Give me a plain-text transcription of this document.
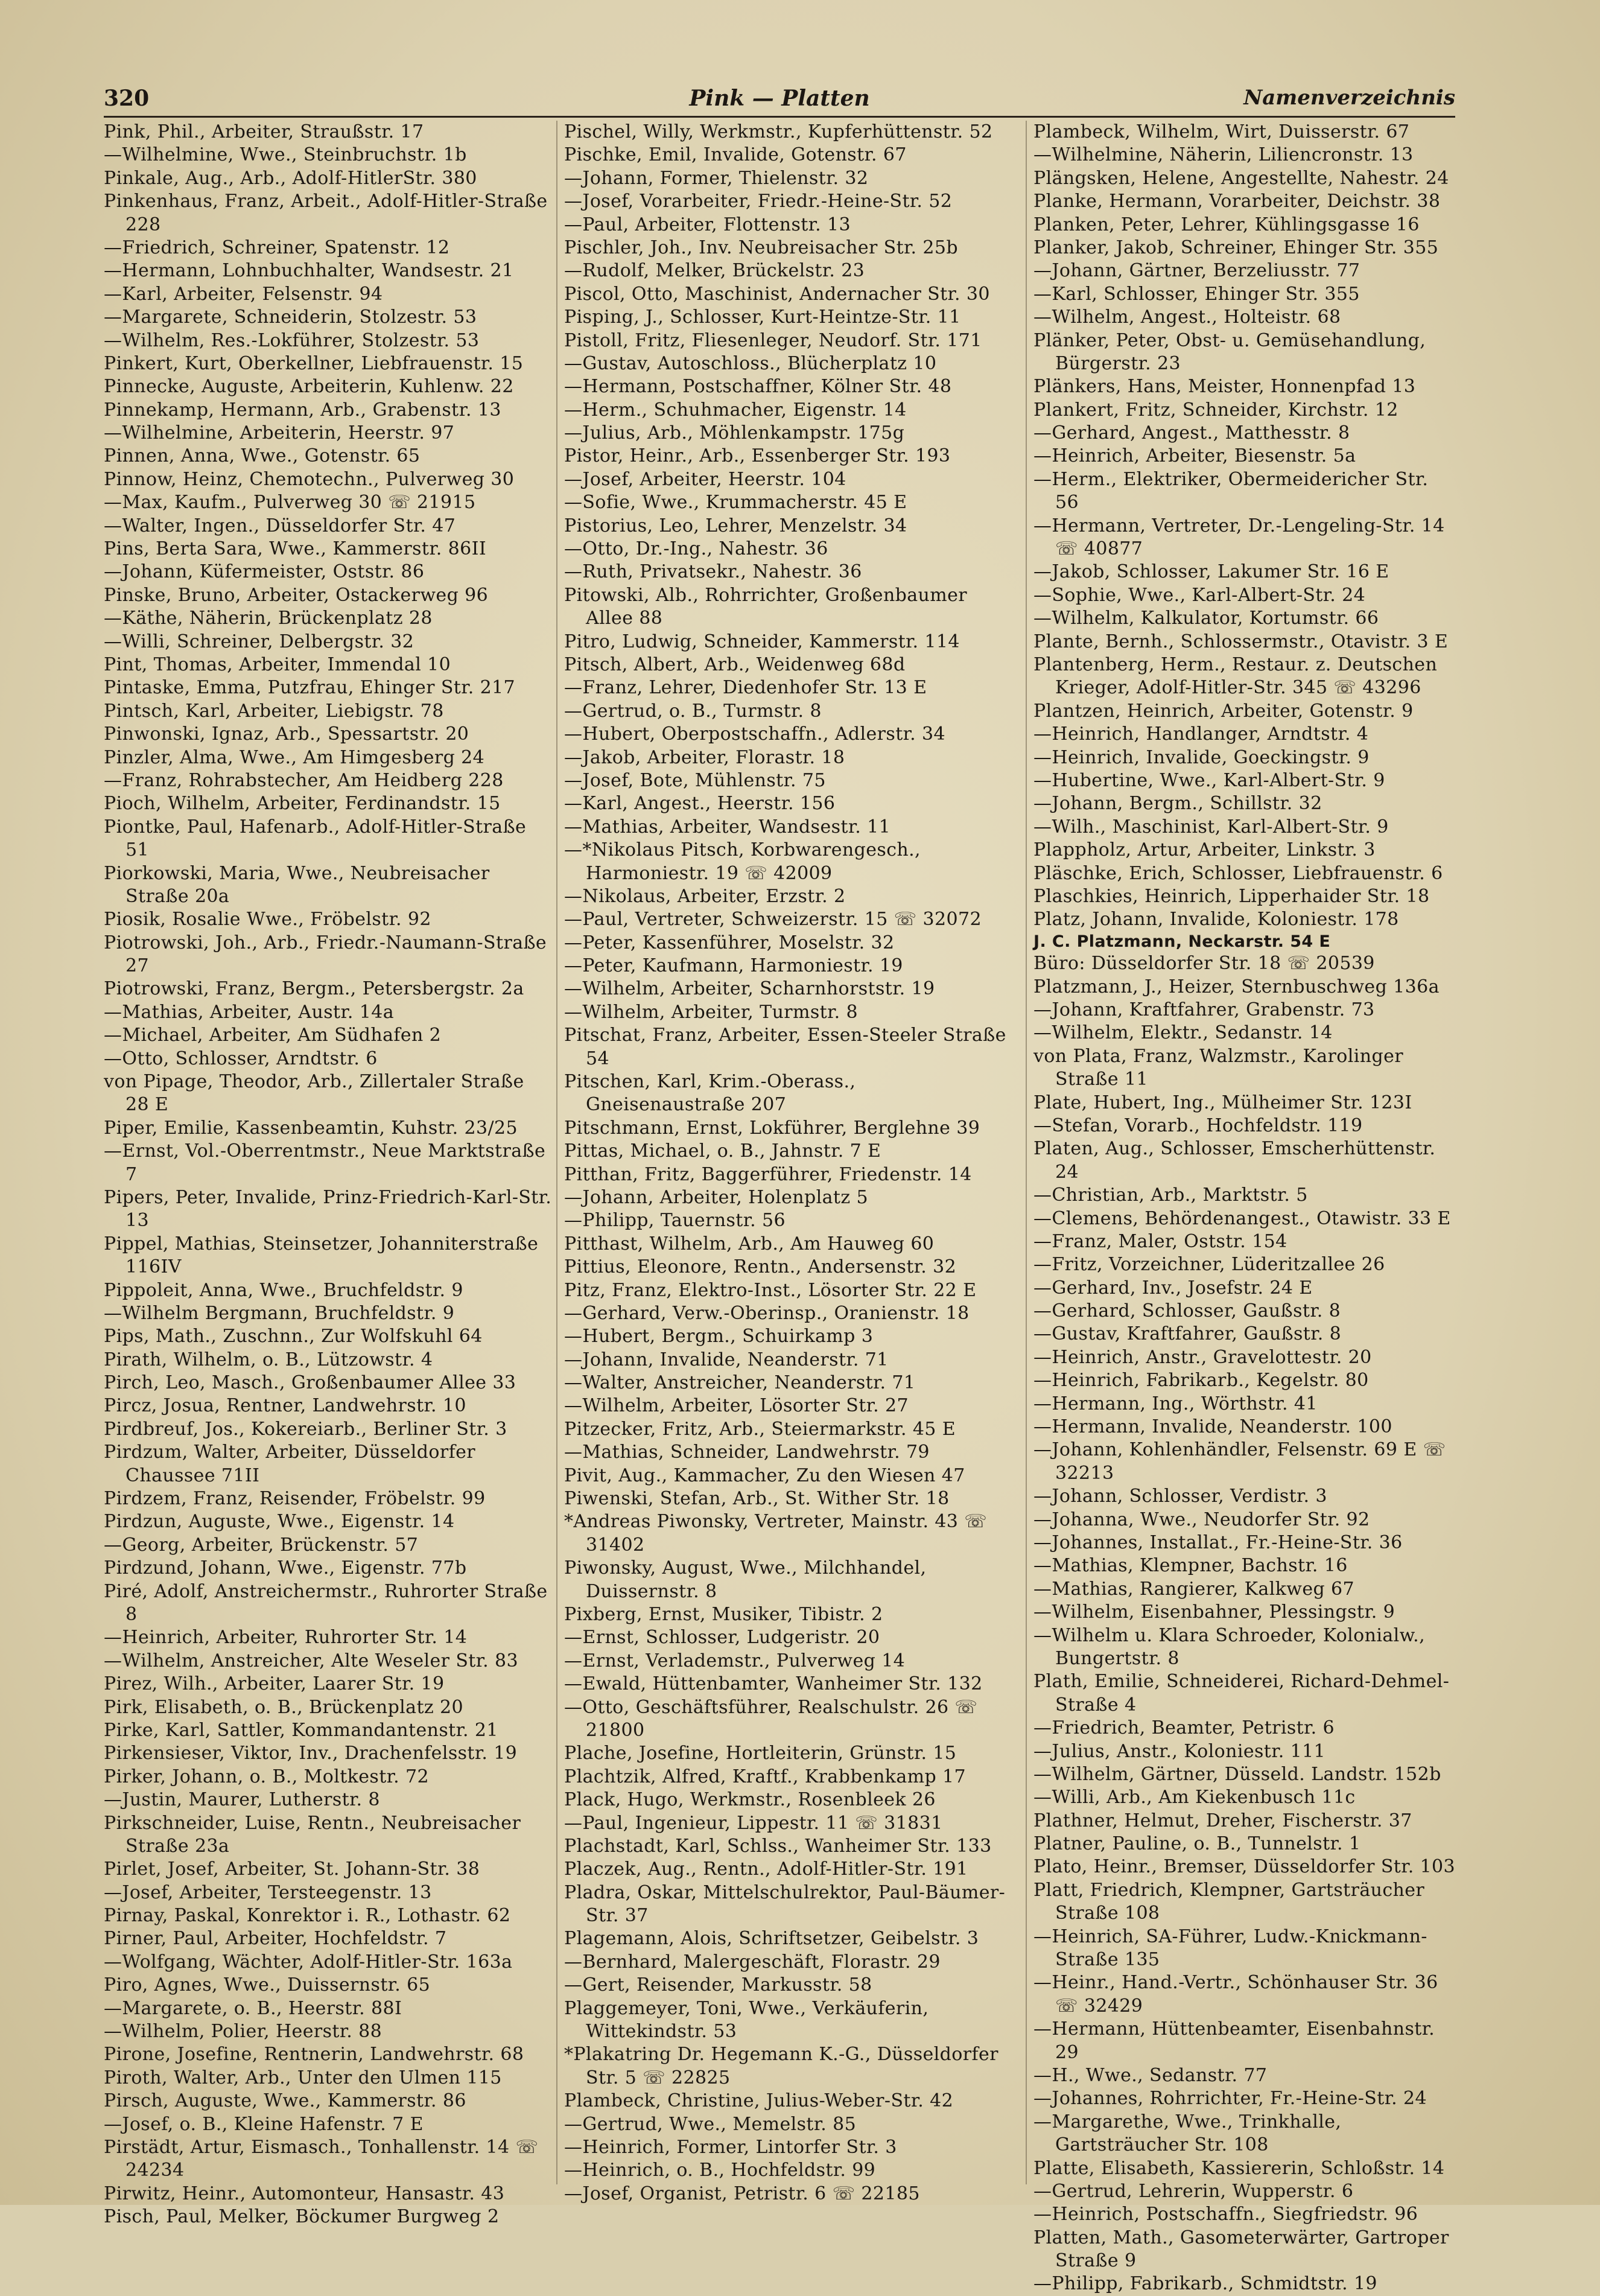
320	Pink — Platten	Namenverzeichnis
Pink, Phil., Arbeiter, Straußstr. 17
—Wilhelmine, Wwe., Steinbruchstr. 1b
Pinkale, Aug., Arb., Adolf-HitlerStr. 380
Pinkenhaus, Franz, Arbeit., Adolf-Hitler-Straße 228
—Friedrich, Schreiner, Spatenstr. 12
—Hermann, Lohnbuchhalter, Wandsestr. 21
—Karl, Arbeiter, Felsenstr. 94
—Margarete, Schneiderin, Stolzestr. 53
—Wilhelm, Res.-Lokführer, Stolzestr. 53
Pinkert, Kurt, Oberkellner, Liebfrauenstr. 15
Pinnecke, Auguste, Arbeiterin, Kuhlenw. 22
Pinnekamp, Hermann, Arb., Grabenstr. 13
—Wilhelmine, Arbeiterin, Heerstr. 97
Pinnen, Anna, Wwe., Gotenstr. 65
Pinnow, Heinz, Chemotechn., Pulverweg 30
—Max, Kaufm., Pulverweg 30 ☏ 21915
—Walter, Ingen., Düsseldorfer Str. 47
Pins, Berta Sara, Wwe., Kammerstr. 86II
—Johann, Küfermeister, Oststr. 86
Pinske, Bruno, Arbeiter, Ostackerweg 96
—Käthe, Näherin, Brückenplatz 28
—Willi, Schreiner, Delbergstr. 32
Pint, Thomas, Arbeiter, Immendal 10
Pintaske, Emma, Putzfrau, Ehinger Str. 217
Pintsch, Karl, Arbeiter, Liebigstr. 78
Pinwonski, Ignaz, Arb., Spessartstr. 20
Pinzler, Alma, Wwe., Am Himgesberg 24
—Franz, Rohrabstecher, Am Heidberg 228
Pioch, Wilhelm, Arbeiter, Ferdinandstr. 15
Piontke, Paul, Hafenarb., Adolf-Hitler-Straße 51
Piorkowski, Maria, Wwe., Neubreisacher Straße 20a
Piosik, Rosalie Wwe., Fröbelstr. 92
Piotrowski, Joh., Arb., Friedr.-Naumann-Straße 27
Piotrowski, Franz, Bergm., Petersbergstr. 2a
—Mathias, Arbeiter, Austr. 14a
—Michael, Arbeiter, Am Südhafen 2
—Otto, Schlosser, Arndtstr. 6
von Pipage, Theodor, Arb., Zillertaler Straße 28 E
Piper, Emilie, Kassenbeamtin, Kuhstr. 23/25
—Ernst, Vol.-Oberrentmstr., Neue Marktstraße 7
Pipers, Peter, Invalide, Prinz-Friedrich-Karl-Str. 13
Pippel, Mathias, Steinsetzer, Johanniterstraße 116IV
Pippoleit, Anna, Wwe., Bruchfeldstr. 9
—Wilhelm Bergmann, Bruchfeldstr. 9
Pips, Math., Zuschnn., Zur Wolfskuhl 64
Pirath, Wilhelm, o. B., Lützowstr. 4
Pirch, Leo, Masch., Großenbaumer Allee 33
Pircz, Josua, Rentner, Landwehrstr. 10
Pirdbreuf, Jos., Kokereiarb., Berliner Str. 3
Pirdzum, Walter, Arbeiter, Düsseldorfer Chaussee 71II
Pirdzem, Franz, Reisender, Fröbelstr. 99
Pirdzun, Auguste, Wwe., Eigenstr. 14
—Georg, Arbeiter, Brückenstr. 57
Pirdzund, Johann, Wwe., Eigenstr. 77b
Piré, Adolf, Anstreichermstr., Ruhrorter Straße 8
—Heinrich, Arbeiter, Ruhrorter Str. 14
—Wilhelm, Anstreicher, Alte Weseler Str. 83
Pirez, Wilh., Arbeiter, Laarer Str. 19
Pirk, Elisabeth, o. B., Brückenplatz 20
Pirke, Karl, Sattler, Kommandantenstr. 21
Pirkensieser, Viktor, Inv., Drachenfelsstr. 19
Pirker, Johann, o. B., Moltkestr. 72
—Justin, Maurer, Lutherstr. 8
Pirkschneider, Luise, Rentn., Neubreisacher Straße 23a
Pirlet, Josef, Arbeiter, St. Johann-Str. 38
—Josef, Arbeiter, Tersteegenstr. 13
Pirnay, Paskal, Konrektor i. R., Lothastr. 62
Pirner, Paul, Arbeiter, Hochfeldstr. 7
—Wolfgang, Wächter, Adolf-Hitler-Str. 163a
Piro, Agnes, Wwe., Duissernstr. 65
—Margarete, o. B., Heerstr. 88I
—Wilhelm, Polier, Heerstr. 88
Pirone, Josefine, Rentnerin, Landwehrstr. 68
Piroth, Walter, Arb., Unter den Ulmen 115
Pirsch, Auguste, Wwe., Kammerstr. 86
—Josef, o. B., Kleine Hafenstr. 7 E
Pirstädt, Artur, Eismasch., Tonhallenstr. 14 ☏ 24234
Pirwitz, Heinr., Automonteur, Hansastr. 43
Pisch, Paul, Melker, Böckumer Burgweg 2
Pischel, Willy, Werkmstr., Kupferhüttenstr. 52
Pischke, Emil, Invalide, Gotenstr. 67
—Johann, Former, Thielenstr. 32
—Josef, Vorarbeiter, Friedr.-Heine-Str. 52
—Paul, Arbeiter, Flottenstr. 13
Pischler, Joh., Inv. Neubreisacher Str. 25b
—Rudolf, Melker, Brückelstr. 23
Piscol, Otto, Maschinist, Andernacher Str. 30
Pisping, J., Schlosser, Kurt-Heintze-Str. 11
Pistoll, Fritz, Fliesenleger, Neudorf. Str. 171
—Gustav, Autoschloss., Blücherplatz 10
—Hermann, Postschaffner, Kölner Str. 48
—Herm., Schuhmacher, Eigenstr. 14
—Julius, Arb., Möhlenkampstr. 175g
Pistor, Heinr., Arb., Essenberger Str. 193
—Josef, Arbeiter, Heerstr. 104
—Sofie, Wwe., Krummacherstr. 45 E
Pistorius, Leo, Lehrer, Menzelstr. 34
—Otto, Dr.-Ing., Nahestr. 36
—Ruth, Privatsekr., Nahestr. 36
Pitowski, Alb., Rohrrichter, Großenbaumer Allee 88
Pitro, Ludwig, Schneider, Kammerstr. 114
Pitsch, Albert, Arb., Weidenweg 68d
—Franz, Lehrer, Diedenhofer Str. 13 E
—Gertrud, o. B., Turmstr. 8
—Hubert, Oberpostschaffn., Adlerstr. 34
—Jakob, Arbeiter, Florastr. 18
—Josef, Bote, Mühlenstr. 75
—Karl, Angest., Heerstr. 156
—Mathias, Arbeiter, Wandsestr. 11
—*Nikolaus Pitsch, Korbwarengesch., Harmoniestr. 19 ☏ 42009
—Nikolaus, Arbeiter, Erzstr. 2
—Paul, Vertreter, Schweizerstr. 15 ☏ 32072
—Peter, Kassenführer, Moselstr. 32
—Peter, Kaufmann, Harmoniestr. 19
—Wilhelm, Arbeiter, Scharnhorststr. 19
—Wilhelm, Arbeiter, Turmstr. 8
Pitschat, Franz, Arbeiter, Essen-Steeler Straße 54
Pitschen, Karl, Krim.-Oberass., Gneisenaustraße 207
Pitschmann, Ernst, Lokführer, Berglehne 39
Pittas, Michael, o. B., Jahnstr. 7 E
Pitthan, Fritz, Baggerführer, Friedenstr. 14
—Johann, Arbeiter, Holenplatz 5
—Philipp, Tauernstr. 56
Pitthast, Wilhelm, Arb., Am Hauweg 60
Pittius, Eleonore, Rentn., Andersenstr. 32
Pitz, Franz, Elektro-Inst., Lösorter Str. 22 E
—Gerhard, Verw.-Oberinsp., Oranienstr. 18
—Hubert, Bergm., Schuirkamp 3
—Johann, Invalide, Neanderstr. 71
—Walter, Anstreicher, Neanderstr. 71
—Wilhelm, Arbeiter, Lösorter Str. 27
Pitzecker, Fritz, Arb., Steiermarkstr. 45 E
—Mathias, Schneider, Landwehrstr. 79
Pivit, Aug., Kammacher, Zu den Wiesen 47
Piwenski, Stefan, Arb., St. Wither Str. 18
*Andreas Piwonsky, Vertreter, Mainstr. 43 ☏ 31402
Piwonsky, August, Wwe., Milchhandel, Duissernstr. 8
Pixberg, Ernst, Musiker, Tibistr. 2
—Ernst, Schlosser, Ludgeristr. 20
—Ernst, Verlademstr., Pulverweg 14
—Ewald, Hüttenbamter, Wanheimer Str. 132
—Otto, Geschäftsführer, Realschulstr. 26 ☏ 21800
Plache, Josefine, Hortleiterin, Grünstr. 15
Plachtzik, Alfred, Kraftf., Krabbenkamp 17
Plack, Hugo, Werkmstr., Rosenbleek 26
—Paul, Ingenieur, Lippestr. 11 ☏ 31831
Plachstadt, Karl, Schlss., Wanheimer Str. 133
Placzek, Aug., Rentn., Adolf-Hitler-Str. 191
Pladra, Oskar, Mittelschulrektor, Paul-Bäumer-Str. 37
Plagemann, Alois, Schriftsetzer, Geibelstr. 3
—Bernhard, Malergeschäft, Florastr. 29
—Gert, Reisender, Markusstr. 58
Plaggemeyer, Toni, Wwe., Verkäuferin, Wittekindstr. 53
*Plakatring Dr. Hegemann K.-G., Düsseldorfer Str. 5 ☏ 22825
Plambeck, Christine, Julius-Weber-Str. 42
—Gertrud, Wwe., Memelstr. 85
—Heinrich, Former, Lintorfer Str. 3
—Heinrich, o. B., Hochfeldstr. 99
—Josef, Organist, Petristr. 6 ☏ 22185
Plambeck, Wilhelm, Wirt, Duisserstr. 67
—Wilhelmine, Näherin, Liliencronstr. 13
Plängsken, Helene, Angestellte, Nahestr. 24
Planke, Hermann, Vorarbeiter, Deichstr. 38
Planken, Peter, Lehrer, Kühlingsgasse 16
Planker, Jakob, Schreiner, Ehinger Str. 355
—Johann, Gärtner, Berzeliusstr. 77
—Karl, Schlosser, Ehinger Str. 355
—Wilhelm, Angest., Holteistr. 68
Plänker, Peter, Obst- u. Gemüsehandlung, Bürgerstr. 23
Plänkers, Hans, Meister, Honnenpfad 13
Plankert, Fritz, Schneider, Kirchstr. 12
—Gerhard, Angest., Matthesstr. 8
—Heinrich, Arbeiter, Biesenstr. 5a
—Herm., Elektriker, Obermeidericher Str. 56
—Hermann, Vertreter, Dr.-Lengeling-Str. 14 ☏ 40877
—Jakob, Schlosser, Lakumer Str. 16 E
—Sophie, Wwe., Karl-Albert-Str. 24
—Wilhelm, Kalkulator, Kortumstr. 66
Plante, Bernh., Schlossermstr., Otavistr. 3 E
Plantenberg, Herm., Restaur. z. Deutschen Krieger, Adolf-Hitler-Str. 345 ☏ 43296
Plantzen, Heinrich, Arbeiter, Gotenstr. 9
—Heinrich, Handlanger, Arndtstr. 4
—Heinrich, Invalide, Goeckingstr. 9
—Hubertine, Wwe., Karl-Albert-Str. 9
—Johann, Bergm., Schillstr. 32
—Wilh., Maschinist, Karl-Albert-Str. 9
Plappholz, Artur, Arbeiter, Linkstr. 3
Pläschke, Erich, Schlosser, Liebfrauenstr. 6
Plaschkies, Heinrich, Lipperhaider Str. 18
Platz, Johann, Invalide, Koloniestr. 178
J. C. Platzmann, Neckarstr. 54 E
Büro: Düsseldorfer Str. 18 ☏ 20539
Platzmann, J., Heizer, Sternbuschweg 136a
—Johann, Kraftfahrer, Grabenstr. 73
—Wilhelm, Elektr., Sedanstr. 14
von Plata, Franz, Walzmstr., Karolinger Straße 11
Plate, Hubert, Ing., Mülheimer Str. 123I
—Stefan, Vorarb., Hochfeldstr. 119
Platen, Aug., Schlosser, Emscherhüttenstr. 24
—Christian, Arb., Marktstr. 5
—Clemens, Behördenangest., Otawistr. 33 E
—Franz, Maler, Oststr. 154
—Fritz, Vorzeichner, Lüderitzallee 26
—Gerhard, Inv., Josefstr. 24 E
—Gerhard, Schlosser, Gaußstr. 8
—Gustav, Kraftfahrer, Gaußstr. 8
—Heinrich, Anstr., Gravelottestr. 20
—Heinrich, Fabrikarb., Kegelstr. 80
—Hermann, Ing., Wörthstr. 41
—Hermann, Invalide, Neanderstr. 100
—Johann, Kohlenhändler, Felsenstr. 69 E ☏ 32213
—Johann, Schlosser, Verdistr. 3
—Johanna, Wwe., Neudorfer Str. 92
—Johannes, Installat., Fr.-Heine-Str. 36
—Mathias, Klempner, Bachstr. 16
—Mathias, Rangierer, Kalkweg 67
—Wilhelm, Eisenbahner, Plessingstr. 9
—Wilhelm u. Klara Schroeder, Kolonialw., Bungertstr. 8
Plath, Emilie, Schneiderei, Richard-Dehmel-Straße 4
—Friedrich, Beamter, Petristr. 6
—Julius, Anstr., Koloniestr. 111
—Wilhelm, Gärtner, Düsseld. Landstr. 152b
—Willi, Arb., Am Kiekenbusch 11c
Plathner, Helmut, Dreher, Fischerstr. 37
Platner, Pauline, o. B., Tunnelstr. 1
Plato, Heinr., Bremser, Düsseldorfer Str. 103
Platt, Friedrich, Klempner, Gartsträucher Straße 108
—Heinrich, SA-Führer, Ludw.-Knickmann-Straße 135
—Heinr., Hand.-Vertr., Schönhauser Str. 36 ☏ 32429
—Hermann, Hüttenbeamter, Eisenbahnstr. 29
—H., Wwe., Sedanstr. 77
—Johannes, Rohrrichter, Fr.-Heine-Str. 24
—Margarethe, Wwe., Trinkhalle, Gartsträucher Str. 108
Platte, Elisabeth, Kassiererin, Schloßstr. 14
—Gertrud, Lehrerin, Wupperstr. 6
—Heinrich, Postschaffn., Siegfriedstr. 96
Platten, Math., Gasometerwärter, Gartroper Straße 9
—Philipp, Fabrikarb., Schmidtstr. 19
